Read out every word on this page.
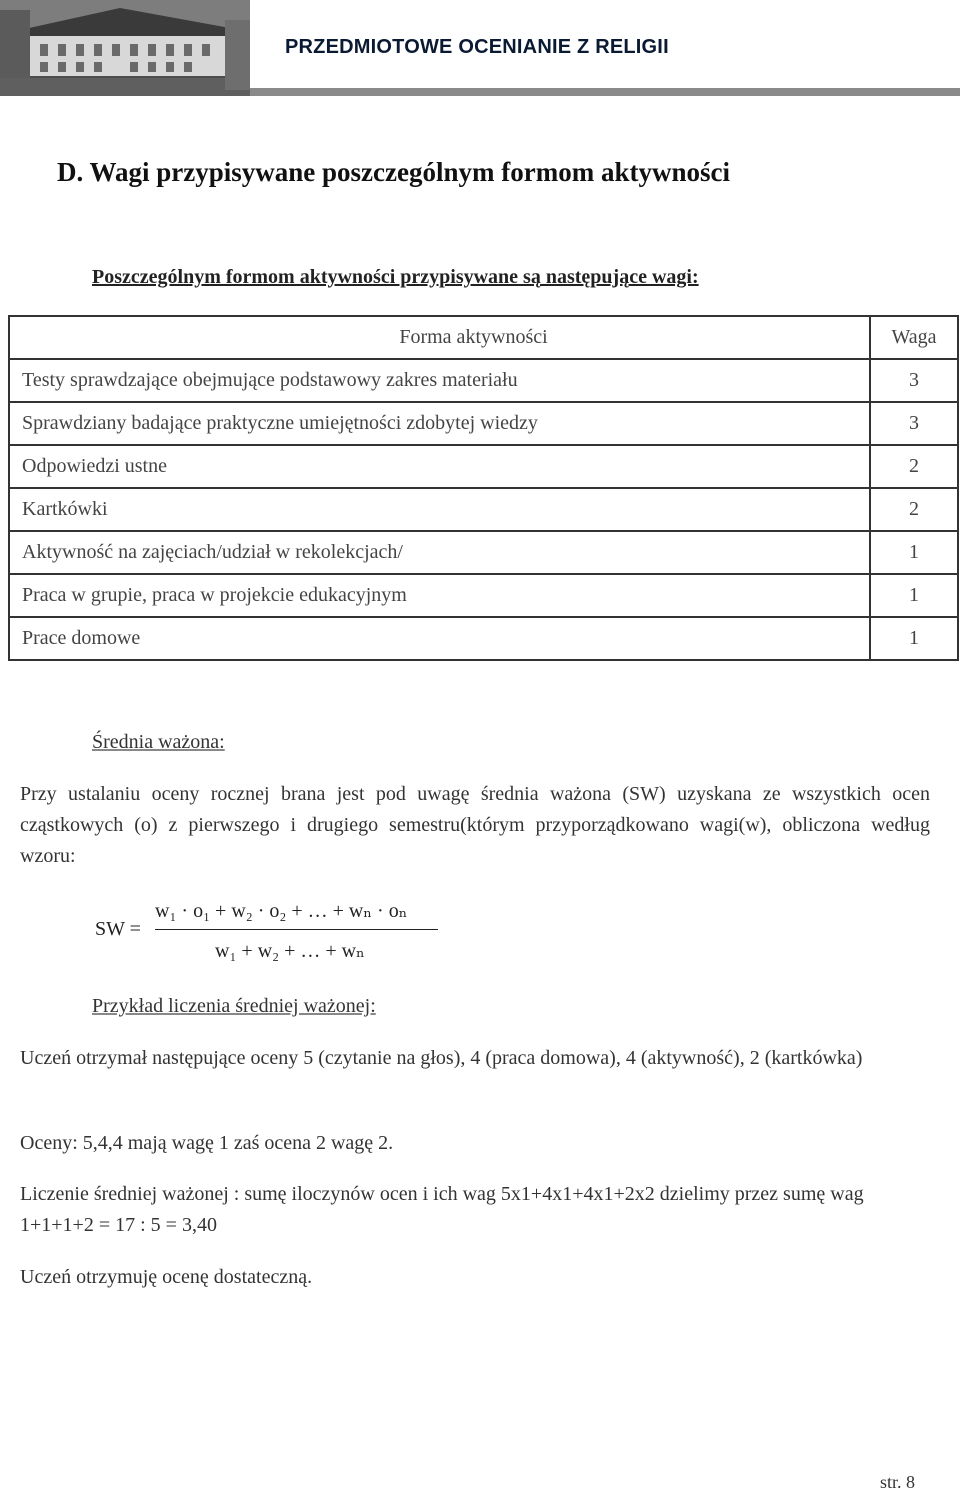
PRZEDMIOTOWE OCENIANIE Z RELIGII
D. Wagi przypisywane poszczególnym formom aktywności
Poszczególnym formom aktywności przypisywane są następujące wagi:
Forma aktywności	Waga
Testy sprawdzające obejmujące podstawowy zakres materiału	3
Sprawdziany badające praktyczne umiejętności zdobytej wiedzy	3
Odpowiedzi ustne	2
Kartkówki	2
Aktywność na zajęciach/udział w rekolekcjach/	1
Praca w grupie, praca w projekcie edukacyjnym	1
Prace domowe	1
Średnia ważona:
Przy ustalaniu oceny rocznej brana jest pod uwagę średnia ważona (SW) uzyskana ze wszystkich ocen cząstkowych (o) z pierwszego i drugiego semestru(którym przyporządkowano wagi(w), obliczona według wzoru:
SW =
w₁ · o₁ + w₂ · o₂ + … + wₙ · oₙ
w₁ + w₂ + … + wₙ
Przykład liczenia średniej ważonej:
Uczeń otrzymał następujące oceny 5 (czytanie na głos), 4 (praca domowa), 4 (aktywność), 2 (kartkówka)
Oceny: 5,4,4 mają wagę 1 zaś ocena 2 wagę 2.
Liczenie średniej ważonej : sumę iloczynów ocen i ich wag 5x1+4x1+4x1+2x2 dzielimy przez sumę wag 1+1+1+2 = 17 : 5 = 3,40
Uczeń otrzymuję ocenę dostateczną.
str. 8
